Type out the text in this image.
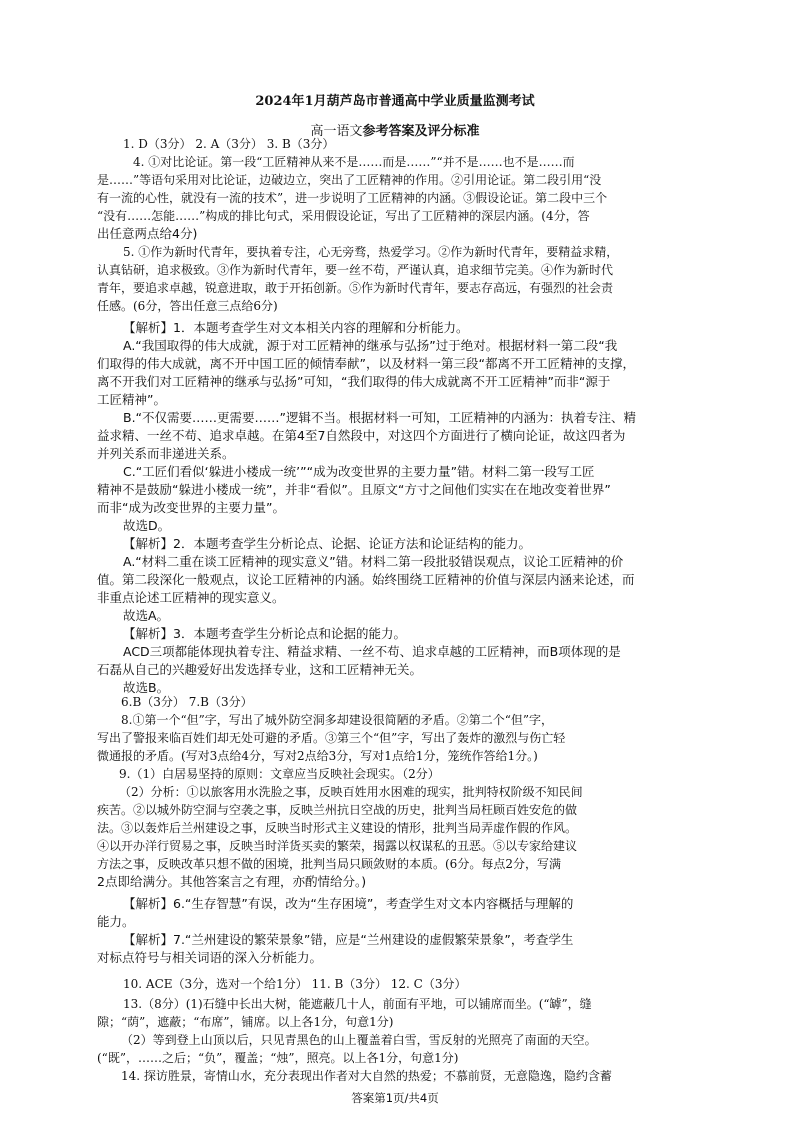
2024年1月葫芦岛市普通高中学业质量监测考试
高一语文参考答案及评分标准
1. D（3分） 2. A（3分） 3. B（3分）
4. ①对比论证。第一段“工匠精神从来不是……而是……”“并不是……也不是……而
是……”等语句采用对比论证，边破边立，突出了工匠精神的作用。②引用论证。第二段引用“没
有一流的心性，就没有一流的技术”，进一步说明了工匠精神的内涵。③假设论证。第二段中三个
“没有……怎能……”构成的排比句式，采用假设论证，写出了工匠精神的深层内涵。(4分，答
出任意两点给4分)
5. ①作为新时代青年，要执着专注，心无旁骛，热爱学习。②作为新时代青年，要精益求精，
认真钻研，追求极致。③作为新时代青年，要一丝不苟，严谨认真，追求细节完美。④作为新时代
青年，要追求卓越，锐意进取，敢于开拓创新。⑤作为新时代青年，要志存高远，有强烈的社会责
任感。(6分，答出任意三点给6分)
【解析】1．本题考查学生对文本相关内容的理解和分析能力。
A.“我国取得的伟大成就，源于对工匠精神的继承与弘扬”过于绝对。根据材料一第二段“我
们取得的伟大成就，离不开中国工匠的倾情奉献”，以及材料一第三段“都离不开工匠精神的支撑，
离不开我们对工匠精神的继承与弘扬”可知，“我们取得的伟大成就离不开工匠精神”而非“源于
工匠精神”。
B.“不仅需要……更需要……”逻辑不当。根据材料一可知，工匠精神的内涵为：执着专注、精
益求精、一丝不苟、追求卓越。在第4至7自然段中，对这四个方面进行了横向论证，故这四者为
并列关系而非递进关系。
C.“工匠们看似‘躲进小楼成一统’”“成为改变世界的主要力量”错。材料二第一段写工匠
精神不是鼓励“躲进小楼成一统”，并非“看似”。且原文“方寸之间他们实实在在地改变着世界”
而非“成为改变世界的主要力量”。
故选D。
【解析】2．本题考查学生分析论点、论据、论证方法和论证结构的能力。
A.“材料二重在谈工匠精神的现实意义”错。材料二第一段批驳错误观点，议论工匠精神的价
值。第二段深化一般观点，议论工匠精神的内涵。始终围绕工匠精神的价值与深层内涵来论述，而
非重点论述工匠精神的现实意义。
故选A。
【解析】3．本题考查学生分析论点和论据的能力。
ACD三项都能体现执着专注、精益求精、一丝不苟、追求卓越的工匠精神，而B项体现的是
石磊从自己的兴趣爱好出发选择专业，这和工匠精神无关。
故选B。
6.B（3分） 7.B（3分）
8.①第一个“但”字，写出了城外防空洞多却建设很简陋的矛盾。②第二个“但”字，
写出了警报来临百姓们却无处可避的矛盾。③第三个“但”字，写出了轰炸的激烈与伤亡轻
微通报的矛盾。(写对3点给4分，写对2点给3分，写对1点给1分，笼统作答给1分。)
9.（1）白居易坚持的原则：文章应当反映社会现实。（2分）
（2）分析：①以旅客用水洗脸之事，反映百姓用水困难的现实，批判特权阶级不知民间
疾苦。②以城外防空洞与空袭之事，反映兰州抗日空战的历史，批判当局枉顾百姓安危的做
法。③以轰炸后兰州建设之事，反映当时形式主义建设的情形，批判当局弄虚作假的作风。
④以开办洋行贸易之事，反映当时洋货买卖的繁荣，揭露以权谋私的丑恶。⑤以专家给建议
方法之事，反映改革只想不做的困境，批判当局只顾敛财的本质。(6分。每点2分，写满
2点即给满分。其他答案言之有理，亦酌情给分。)
【解析】6.“生存智慧”有误，改为“生存困境”，考查学生对文本内容概括与理解的
能力。
【解析】7.“兰州建设的繁荣景象”错，应是“兰州建设的虚假繁荣景象”，考查学生
对标点符号与相关词语的深入分析能力。
10. ACE（3分，选对一个给1分） 11. B（3分） 12. C（3分）
13.（8分）(1)石缝中长出大树，能遮蔽几十人，前面有平地，可以铺席而坐。(“罅”，缝
隙；“荫”，遮蔽；“布席”，铺席。以上各1分，句意1分)
（2）等到登上山顶以后，只见青黑色的山上覆盖着白雪，雪反射的光照亮了南面的天空。
(“既”，……之后；“负”，覆盖；“烛”，照亮。以上各1分，句意1分)
14. 探访胜景，寄情山水，充分表现出作者对大自然的热爱；不慕前贤，无意隐逸，隐约含蓄
答案第1页/共4页
